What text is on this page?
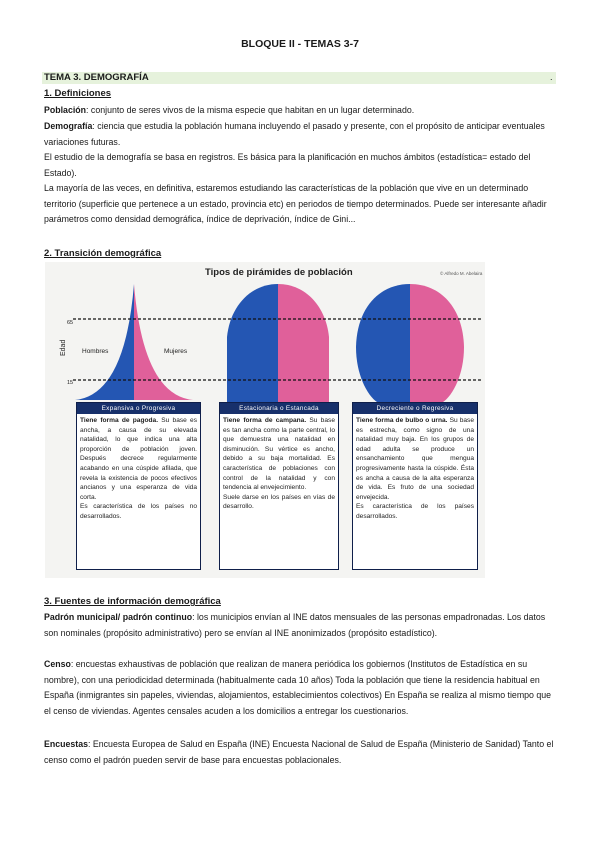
BLOQUE II - TEMAS 3-7
TEMA 3. DEMOGRAFÍA	.
1. Definiciones
Población: conjunto de seres vivos de la misma especie que habitan en un lugar determinado.
Demografía: ciencia que estudia la población humana incluyendo el pasado y presente, con el propósito de anticipar eventuales variaciones futuras.
El estudio de la demografía se basa en registros. Es básica para la planificación en muchos ámbitos (estadística= estado del Estado).
La mayoría de las veces, en definitiva, estaremos estudiando las características de la población que vive en un determinado territorio (superficie que pertenece a un estado, provincia etc) en periodos de tiempo determinados. Puede ser interesante añadir parámetros como densidad demográfica, índice de deprivación, índice de Gini...
2. Transición demográfica
Tipos de pirámides de población	© Alfredo M. Abelaira
Edad
65
15
Hombres	Mujeres
Expansiva o Progresiva
Tiene forma de pagoda. Su base es ancha, a causa de su elevada natalidad, lo que indica una alta proporción de población joven. Después decrece regularmente acabando en una cúspide afilada, que revela la existencia de pocos efectivos ancianos y una esperanza de vida corta.
Es característica de los países no desarrollados.
Estacionaria o Estancada
Tiene forma de campana. Su base es tan ancha como la parte central, lo que demuestra una natalidad en disminución. Su vértice es ancho, debido a su baja mortalidad. Es característica de poblaciones con control de la natalidad y con tendencia al envejecimiento.
Suele darse en los países en vías de desarrollo.
Decreciente o Regresiva
Tiene forma de bulbo o urna. Su base es estrecha, como signo de una natalidad muy baja. En los grupos de edad adulta se produce un ensanchamiento que mengua progresivamente hasta la cúspide. Ésta es ancha a causa de la alta esperanza de vida. Es fruto de una sociedad envejecida.
Es característica de los países desarrollados.
3. Fuentes de información demográfica
Padrón municipal/ padrón continuo: los municipios envían al INE datos mensuales de las personas empadronadas. Los datos son nominales (propósito administrativo) pero se envían al INE anonimizados (propósito estadístico).
Censo: encuestas exhaustivas de población que realizan de manera periódica los gobiernos (Institutos de Estadística en su nombre), con una periodicidad determinada (habitualmente cada 10 años) Toda la población que tiene la residencia habitual en España (inmigrantes sin papeles, viviendas, alojamientos, establecimientos colectivos) En España se realiza al mismo tiempo que el censo de viviendas. Agentes censales acuden a los domicilios a entregar los cuestionarios.
Encuestas: Encuesta Europea de Salud en España (INE) Encuesta Nacional de Salud de España (Ministerio de Sanidad) Tanto el censo como el padrón pueden servir de base para encuestas poblacionales.
